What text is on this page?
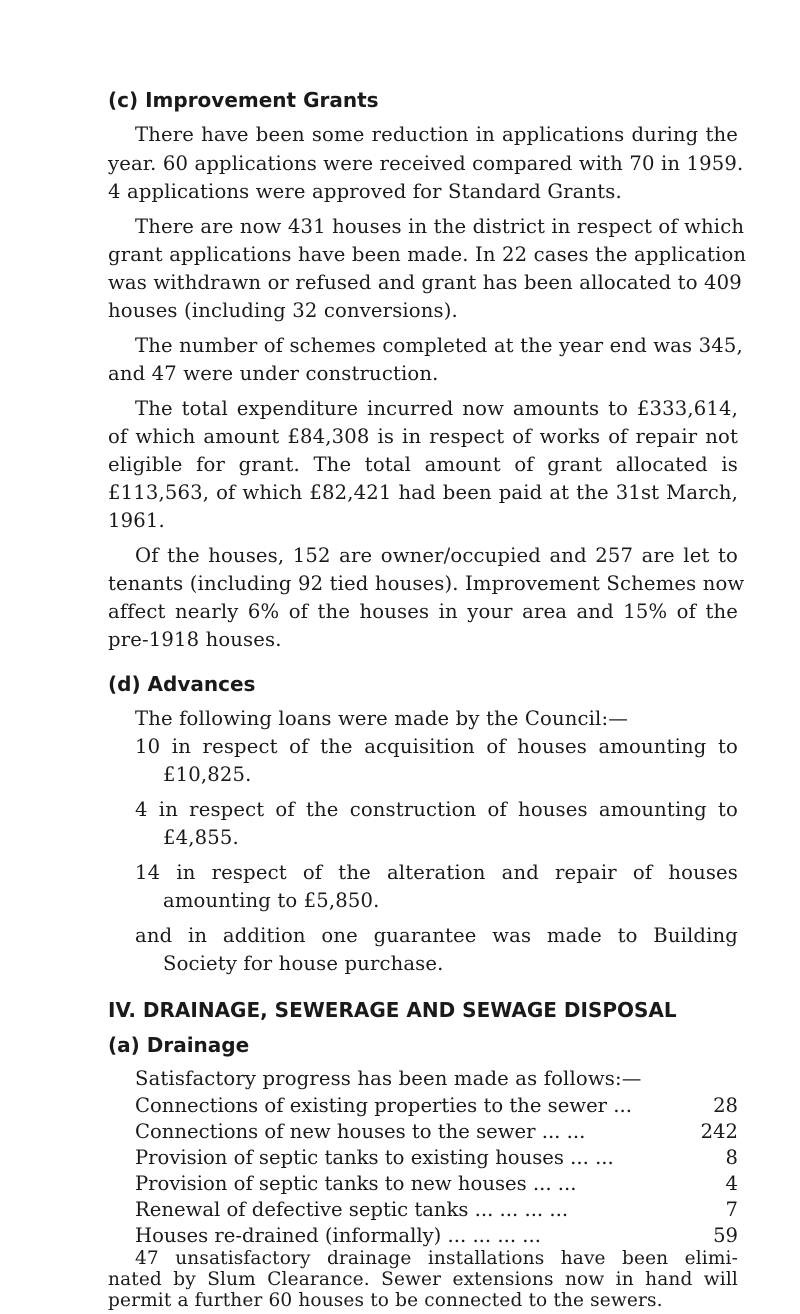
(c) Improvement Grants
There have been some reduction in applications during the
year. 60 applications were received compared with 70 in 1959.
4 applications were approved for Standard Grants.
There are now 431 houses in the district in respect of which
grant applications have been made. In 22 cases the application
was withdrawn or refused and grant has been allocated to 409
houses (including 32 conversions).
The number of schemes completed at the year end was 345,
and 47 were under construction.
The total expenditure incurred now amounts to £333,614,
of which amount £84,308 is in respect of works of repair not
eligible for grant. The total amount of grant allocated is
£113,563, of which £82,421 had been paid at the 31st March,
1961.
Of the houses, 152 are owner/occupied and 257 are let to
tenants (including 92 tied houses). Improvement Schemes now
affect nearly 6% of the houses in your area and 15% of the
pre-1918 houses.
(d) Advances
The following loans were made by the Council:—
10 in respect of the acquisition of houses amounting to
£10,825.
4 in respect of the construction of houses amounting to
£4,855.
14 in respect of the alteration and repair of houses
amounting to £5,850.
and in addition one guarantee was made to Building
Society for house purchase.
IV. DRAINAGE, SEWERAGE AND SEWAGE DISPOSAL
(a) Drainage
Satisfactory progress has been made as follows:—
Connections of existing properties to the sewer ...	28
Connections of new houses to the sewer ... ...	242
Provision of septic tanks to existing houses ... ...	8
Provision of septic tanks to new houses ... ...	4
Renewal of defective septic tanks ... ... ... ...	7
Houses re-drained (informally) ... ... ... ...	59
47 unsatisfactory drainage installations have been elimi-
nated by Slum Clearance. Sewer extensions now in hand will
permit a further 60 houses to be connected to the sewers.
